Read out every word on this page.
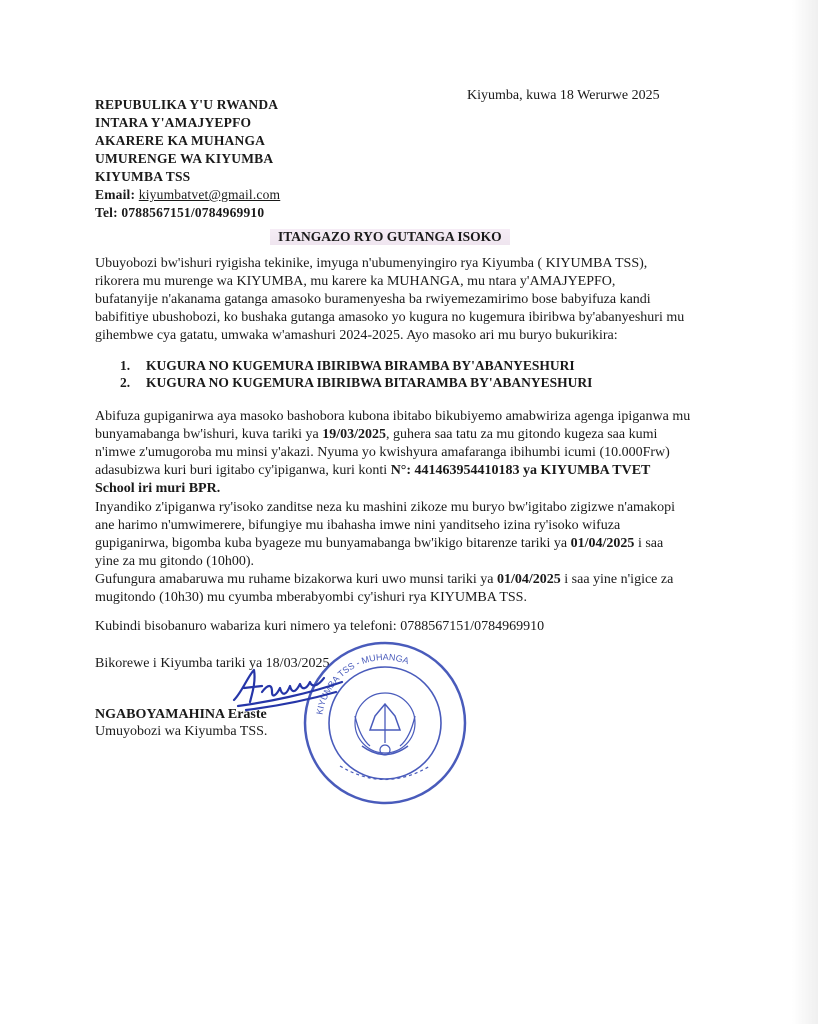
REPUBULIKA Y'U RWANDA
INTARA Y'AMAJYEPFO
AKARERE KA MUHANGA
UMURENGE WA KIYUMBA
KIYUMBA TSS
Email: kiyumbatvet@gmail.com
Tel: 0788567151/0784969910
Kiyumba, kuwa 18 Werurwe 2025
ITANGAZO RYO GUTANGA ISOKO
Ubuyobozi bw'ishuri ryigisha tekinike, imyuga n'ubumenyingiro rya Kiyumba ( KIYUMBA TSS),
rikorera mu murenge wa KIYUMBA, mu karere ka MUHANGA, mu ntara y'AMAJYEPFO,
bufatanyije n'akanama gatanga amasoko buramenyesha ba rwiyemezamirimo bose babyifuza kandi
babifitiye ubushobozi, ko bushaka gutanga amasoko yo kugura no kugemura ibiribwa by'abanyeshuri mu
gihembwe cya gatatu, umwaka w'amashuri 2024-2025. Ayo masoko ari mu buryo bukurikira:
1. KUGURA NO KUGEMURA IBIRIBWA BIRAMBA BY'ABANYESHURI
2. KUGURA NO KUGEMURA IBIRIBWA BITARAMBA BY'ABANYESHURI
Abifuza gupiganirwa aya masoko bashobora kubona ibitabo bikubiyemo amabwiriza agenga ipiganwa mu
bunyamabanga bw'ishuri, kuva tariki ya 19/03/2025, guhera saa tatu za mu gitondo kugeza saa kumi
n'imwe z'umugoroba mu minsi y'akazi. Nyuma yo kwishyura amafaranga ibihumbi icumi (10.000Frw)
adasubizwa kuri buri igitabo cy'ipiganwa, kuri konti N°: 441463954410183 ya KIYUMBA TVET
School iri muri BPR.
Inyandiko z'ipiganwa ry'isoko zanditse neza ku mashini zikoze mu buryo bw'igitabo zigizwe n'amakopi
ane harimo n'umwimerere, bifungiye mu ibahasha imwe nini yanditseho izina ry'isoko wifuza
gupiganirwa, bigomba kuba byageze mu bunyamabanga bw'ikigo bitarenze tariki ya 01/04/2025 i saa
yine za mu gitondo (10h00).
Gufungura amabaruwa mu ruhame bizakorwa kuri uwo munsi tariki ya 01/04/2025 i saa yine n'igice za
mugitondo (10h30) mu cyumba mberabyombi cy'ishuri rya KIYUMBA TSS.
Kubindi bisobanuro wabariza kuri nimero ya telefoni: 0788567151/0784969910
Bikorewe i Kiyumba tariki ya 18/03/2025
KIYUMBA TSS - MUHANGA
NGABOYAMAHINA Eraste
Umuyobozi wa Kiyumba TSS.
